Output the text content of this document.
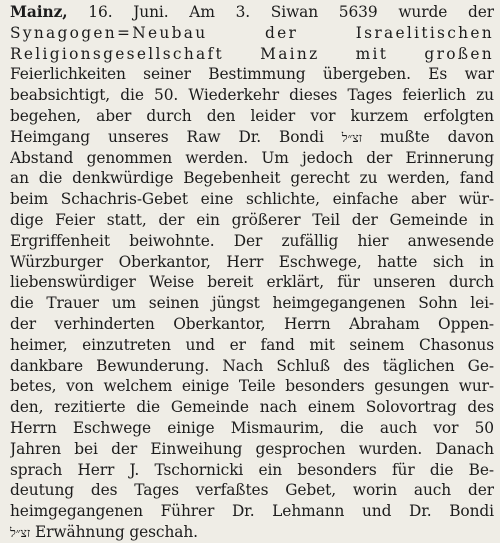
Mainz, 16. Juni. Am 3. Siwan 5639 wurde der
Synagogen=Neubau der Israelitischen
Religionsgesellschaft Mainz mit großen
Feierlichkeiten seiner Bestimmung übergeben. Es war
beabsichtigt, die 50. Wiederkehr dieses Tages feierlich zu
begehen, aber durch den leider vor kurzem erfolgten
Heimgang unseres Raw Dr. Bondi זצ״ל mußte davon
Abstand genommen werden. Um jedoch der Erinnerung
an die denkwürdige Begebenheit gerecht zu werden, fand
beim Schachris-Gebet eine schlichte, einfache aber wür-
dige Feier statt, der ein größerer Teil der Gemeinde in
Ergriffenheit beiwohnte. Der zufällig hier anwesende
Würzburger Oberkantor, Herr Eschwege, hatte sich in
liebenswürdiger Weise bereit erklärt, für unseren durch
die Trauer um seinen jüngst heimgegangenen Sohn lei-
der verhinderten Oberkantor, Herrn Abraham Oppen-
heimer, einzutreten und er fand mit seinem Chasonus
dankbare Bewunderung. Nach Schluß des täglichen Ge-
betes, von welchem einige Teile besonders gesungen wur-
den, rezitierte die Gemeinde nach einem Solovortrag des
Herrn Eschwege einige Mismaurim, die auch vor 50
Jahren bei der Einweihung gesprochen wurden. Danach
sprach Herr J. Tschornicki ein besonders für die Be-
deutung des Tages verfaßtes Gebet, worin auch der
heimgegangenen Führer Dr. Lehmann und Dr. Bondi
זצ״ל Erwähnung geschah.
